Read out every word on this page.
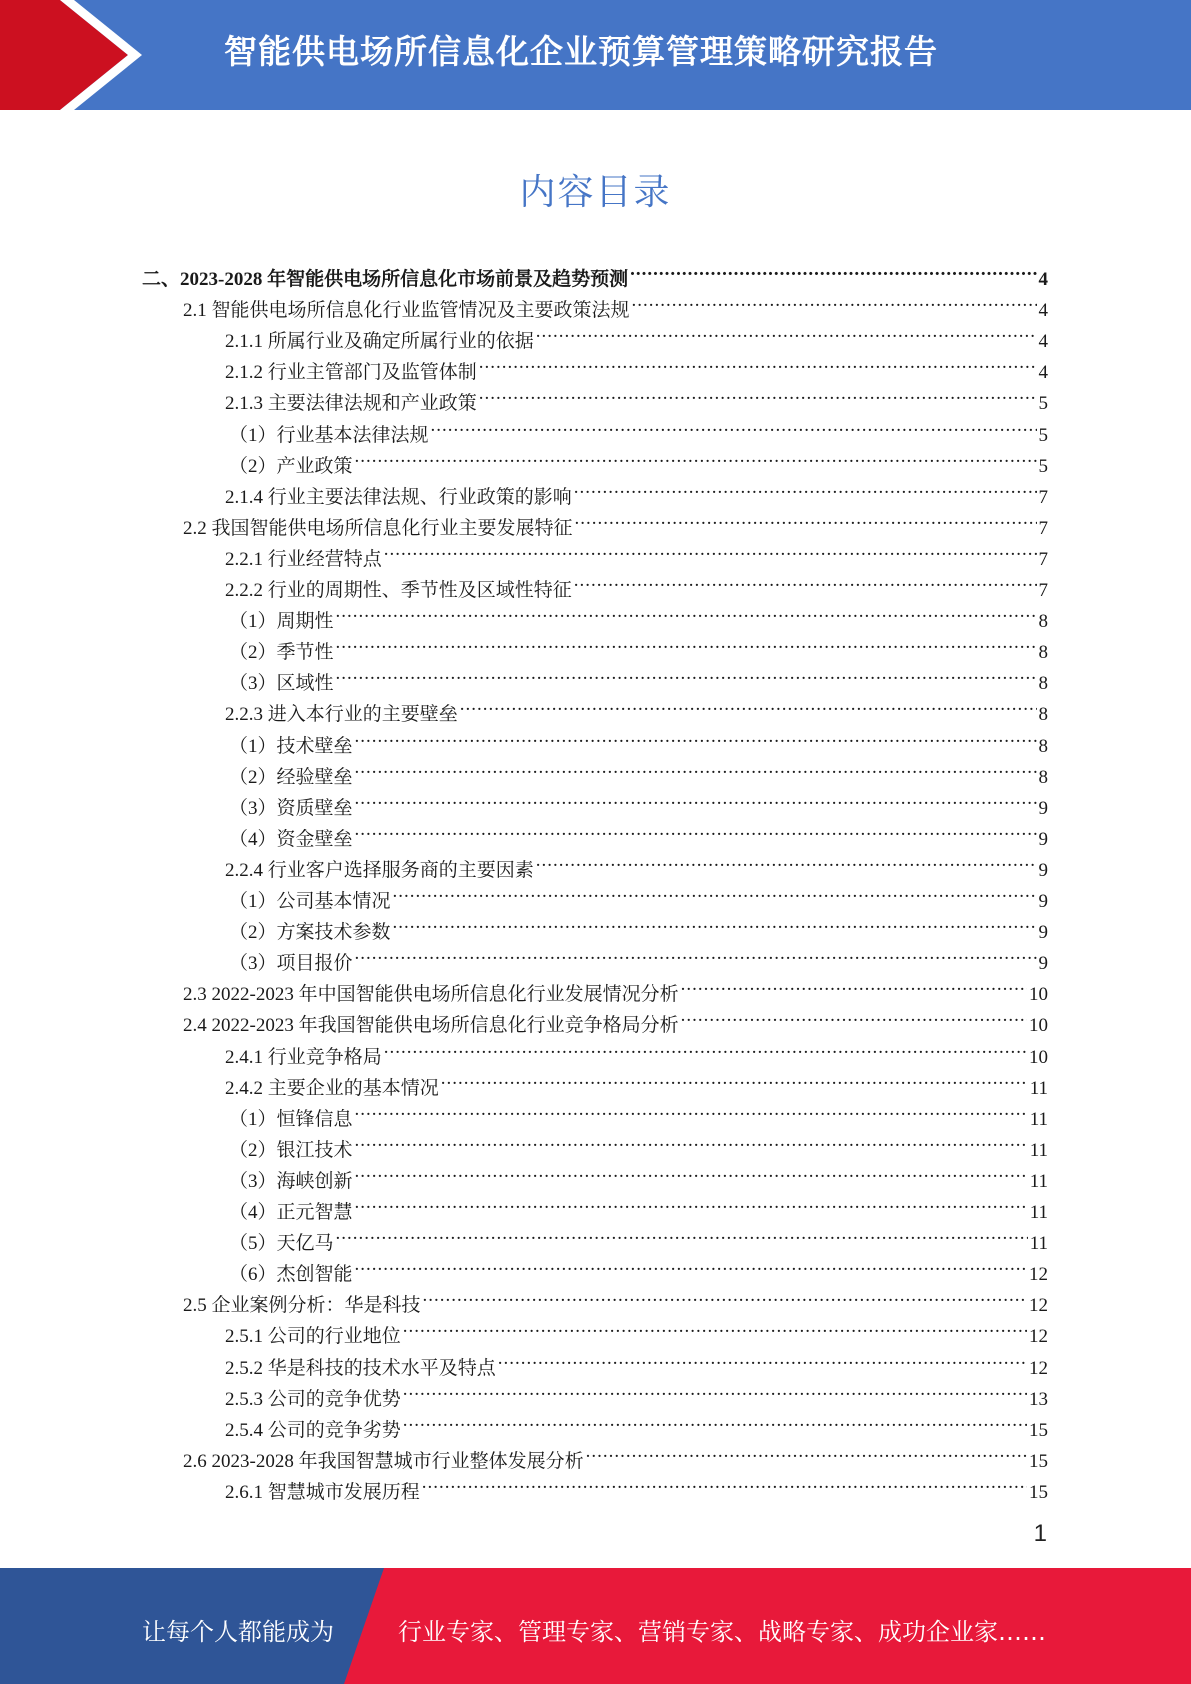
智能供电场所信息化企业预算管理策略研究报告
内容目录
二、2023-2028 年智能供电场所信息化市场前景及趋势预测 .....	4
2.1 智能供电场所信息化行业监管情况及主要政策法规 .....	4
2.1.1 所属行业及确定所属行业的依据 .....	4
2.1.2 行业主管部门及监管体制 .....	4
2.1.3 主要法律法规和产业政策 .....	5
（1）行业基本法律法规 .....	5
（2）产业政策 .....	5
2.1.4 行业主要法律法规、行业政策的影响 .....	7
2.2 我国智能供电场所信息化行业主要发展特征 .....	7
2.2.1 行业经营特点 .....	7
2.2.2 行业的周期性、季节性及区域性特征 .....	7
（1）周期性 .....	8
（2）季节性 .....	8
（3）区域性 .....	8
2.2.3 进入本行业的主要壁垒 .....	8
（1）技术壁垒 .....	8
（2）经验壁垒 .....	8
（3）资质壁垒 .....	9
（4）资金壁垒 .....	9
2.2.4 行业客户选择服务商的主要因素 .....	9
（1）公司基本情况 .....	9
（2）方案技术参数 .....	9
（3）项目报价 .....	9
2.3 2022-2023 年中国智能供电场所信息化行业发展情况分析 .....	10
2.4 2022-2023 年我国智能供电场所信息化行业竞争格局分析 .....	10
2.4.1 行业竞争格局 .....	10
2.4.2 主要企业的基本情况 .....	11
（1）恒锋信息 .....	11
（2）银江技术 .....	11
（3）海峡创新 .....	11
（4）正元智慧 .....	11
（5）天亿马 .....	11
（6）杰创智能 .....	12
2.5 企业案例分析：华是科技 .....	12
2.5.1 公司的行业地位 .....	12
2.5.2 华是科技的技术水平及特点 .....	12
2.5.3 公司的竞争优势 .....	13
2.5.4 公司的竞争劣势 .....	15
2.6 2023-2028 年我国智慧城市行业整体发展分析 .....	15
2.6.1 智慧城市发展历程 .....	15
1
让每个人都能成为	行业专家、管理专家、营销专家、战略专家、成功企业家……
